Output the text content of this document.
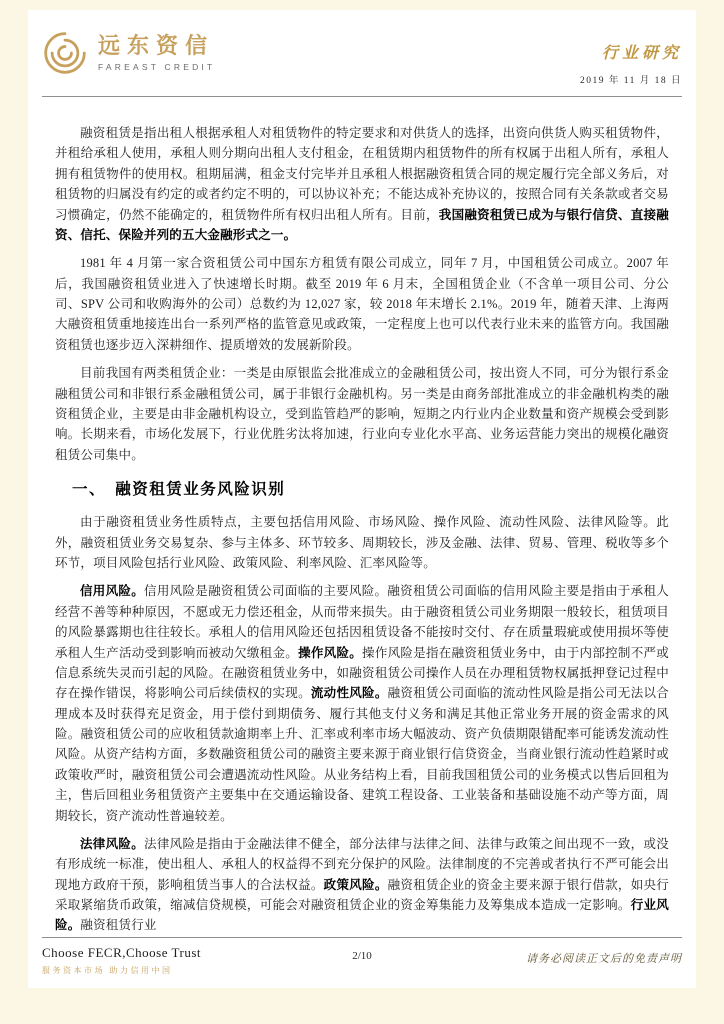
远东资信
FAREAST CREDIT
行业研究
2019 年 11 月 18 日

融资租赁是指出租人根据承租人对租赁物件的特定要求和对供货人的选择，出资向供货人购买租赁物件，并租给承租人使用，承租人则分期向出租人支付租金，在租赁期内租赁物件的所有权属于出租人所有，承租人拥有租赁物件的使用权。租期届满，租金支付完毕并且承租人根据融资租赁合同的规定履行完全部义务后，对租赁物的归属没有约定的或者约定不明的，可以协议补充；不能达成补充协议的，按照合同有关条款或者交易习惯确定，仍然不能确定的，租赁物件所有权归出租人所有。目前，我国融资租赁已成为与银行信贷、直接融资、信托、保险并列的五大金融形式之一。

1981 年 4 月第一家合资租赁公司中国东方租赁有限公司成立，同年 7 月，中国租赁公司成立。2007 年后，我国融资租赁业进入了快速增长时期。截至 2019 年 6 月末，全国租赁企业（不含单一项目公司、分公司、SPV 公司和收购海外的公司）总数约为 12,027 家，较 2018 年末增长 2.1%。2019 年，随着天津、上海两大融资租赁重地接连出台一系列严格的监管意见或政策，一定程度上也可以代表行业未来的监管方向。我国融资租赁也逐步迈入深耕细作、提质增效的发展新阶段。

目前我国有两类租赁企业：一类是由原银监会批准成立的金融租赁公司，按出资人不同，可分为银行系金融租赁公司和非银行系金融租赁公司，属于非银行金融机构。另一类是由商务部批准成立的非金融机构类的融资租赁企业，主要是由非金融机构设立，受到监管趋严的影响，短期之内行业内企业数量和资产规模会受到影响。长期来看，市场化发展下，行业优胜劣汰将加速，行业向专业化水平高、业务运营能力突出的规模化融资租赁公司集中。

一、　融资租赁业务风险识别

由于融资租赁业务性质特点，主要包括信用风险、市场风险、操作风险、流动性风险、法律风险等。此外，融资租赁业务交易复杂、参与主体多、环节较多、周期较长，涉及金融、法律、贸易、管理、税收等多个环节，项目风险包括行业风险、政策风险、利率风险、汇率风险等。

信用风险。信用风险是融资租赁公司面临的主要风险。融资租赁公司面临的信用风险主要是指由于承租人经营不善等种种原因，不愿或无力偿还租金，从而带来损失。由于融资租赁公司业务期限一般较长，租赁项目的风险暴露期也往往较长。承租人的信用风险还包括因租赁设备不能按时交付、存在质量瑕疵或使用损坏等使承租人生产活动受到影响而被动欠缴租金。操作风险。操作风险是指在融资租赁业务中，由于内部控制不严或信息系统失灵而引起的风险。在融资租赁业务中，如融资租赁公司操作人员在办理租赁物权属抵押登记过程中存在操作错误，将影响公司后续债权的实现。流动性风险。融资租赁公司面临的流动性风险是指公司无法以合理成本及时获得充足资金，用于偿付到期债务、履行其他支付义务和满足其他正常业务开展的资金需求的风险。融资租赁公司的应收租赁款逾期率上升、汇率或利率市场大幅波动、资产负债期限错配率可能诱发流动性风险。从资产结构方面，多数融资租赁公司的融资主要来源于商业银行信贷资金，当商业银行流动性趋紧时或政策收严时，融资租赁公司会遭遇流动性风险。从业务结构上看，目前我国租赁公司的业务模式以售后回租为主，售后回租业务租赁资产主要集中在交通运输设备、建筑工程设备、工业装备和基础设施不动产等方面，周期较长，资产流动性普遍较差。

法律风险。法律风险是指由于金融法律不健全，部分法律与法律之间、法律与政策之间出现不一致，或没有形成统一标准，使出租人、承租人的权益得不到充分保护的风险。法律制度的不完善或者执行不严可能会出现地方政府干预，影响租赁当事人的合法权益。政策风险。融资租赁企业的资金主要来源于银行借款，如央行采取紧缩货币政策，缩减信贷规模，可能会对融资租赁企业的资金筹集能力及筹集成本造成一定影响。行业风险。融资租赁行业

Choose FECR,Choose Trust
服务资本市场 助力信用中国
2/10	请务必阅读正文后的免责声明
